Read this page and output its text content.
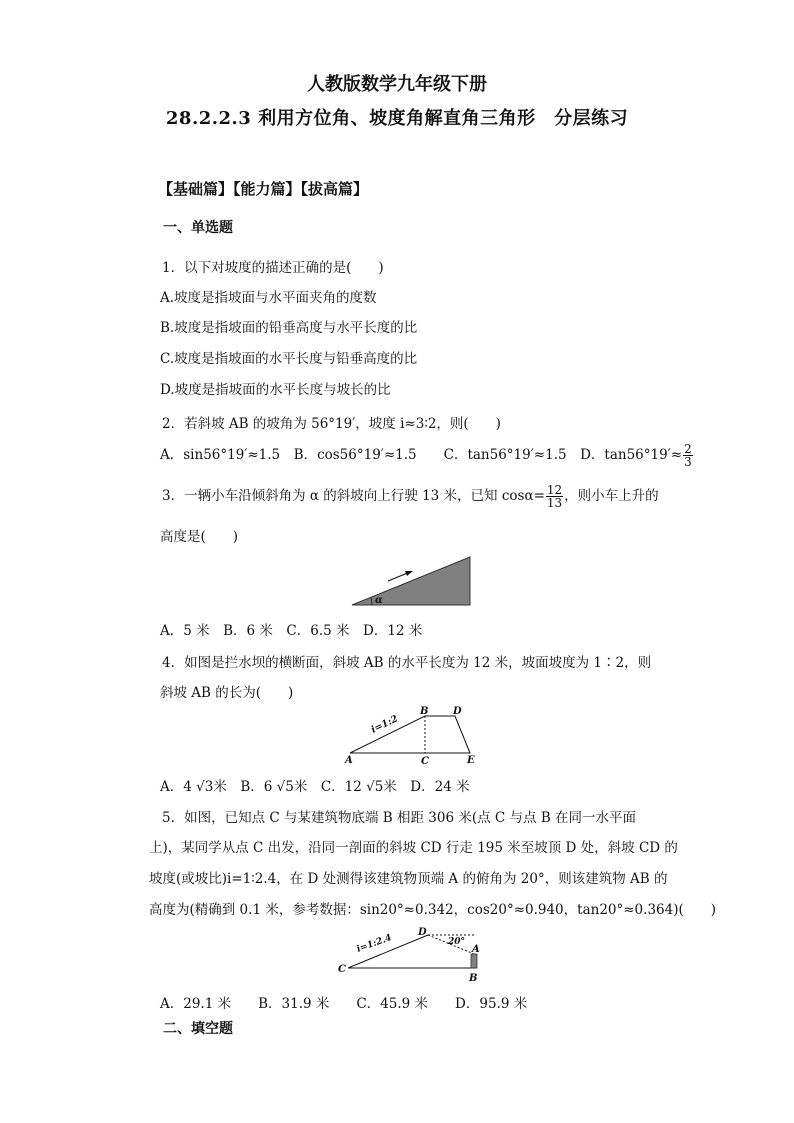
人教版数学九年级下册
28.2.2.3 利用方位角、坡度角解直角三角形　分层练习
【基础篇】【能力篇】【拔高篇】
一、单选题
1．以下对坡度的描述正确的是(　　)
A.坡度是指坡面与水平面夹角的度数
B.坡度是指坡面的铅垂高度与水平长度的比
C.坡度是指坡面的水平长度与铅垂高度的比
D.坡度是指坡面的水平长度与坡长的比
2．若斜坡 AB 的坡角为 56°19′，坡度 i≈3∶2，则(　　)
A．sin56°19′≈1.5　B．cos56°19′≈1.5　　C．tan56°19′≈1.5　D．$\tan 56^\circ 19'\approx \frac{2}{3}$
3．一辆小车沿倾斜角为 α 的斜坡向上行驶 13 米，已知 $\cos\alpha= \frac{12}{13}$ ，则小车上升的
高度是(　　)
α
A．5 米　B．6 米　C．6.5 米　D．12 米
4．如图是拦水坝的横断面，斜坡 AB 的水平长度为 12 米，坡面坡度为 1∶2，则
斜坡 AB 的长为(　　)
i=1:2
A
B
C
D
E
A．4 √3米　B．6 √5米　C．12 √5米　D．24 米
5．如图，已知点 C 与某建筑物底端 B 相距 306 米(点 C 与点 B 在同一水平面
上)，某同学从点 C 出发，沿同一剖面的斜坡 CD 行走 195 米至坡顶 D 处，斜坡 CD 的
坡度(或坡比)i=1∶2.4，在 D 处测得该建筑物顶端 A 的俯角为 20°，则该建筑物 AB 的
高度为(精确到 0.1 米，参考数据：sin20°≈0.342，cos20°≈0.940，tan20°≈0.364)(　　)
i=1:2.4	20°
C
D
A
B
A．29.1 米　　B．31.9 米　　C．45.9 米　　D．95.9 米
二、填空题
